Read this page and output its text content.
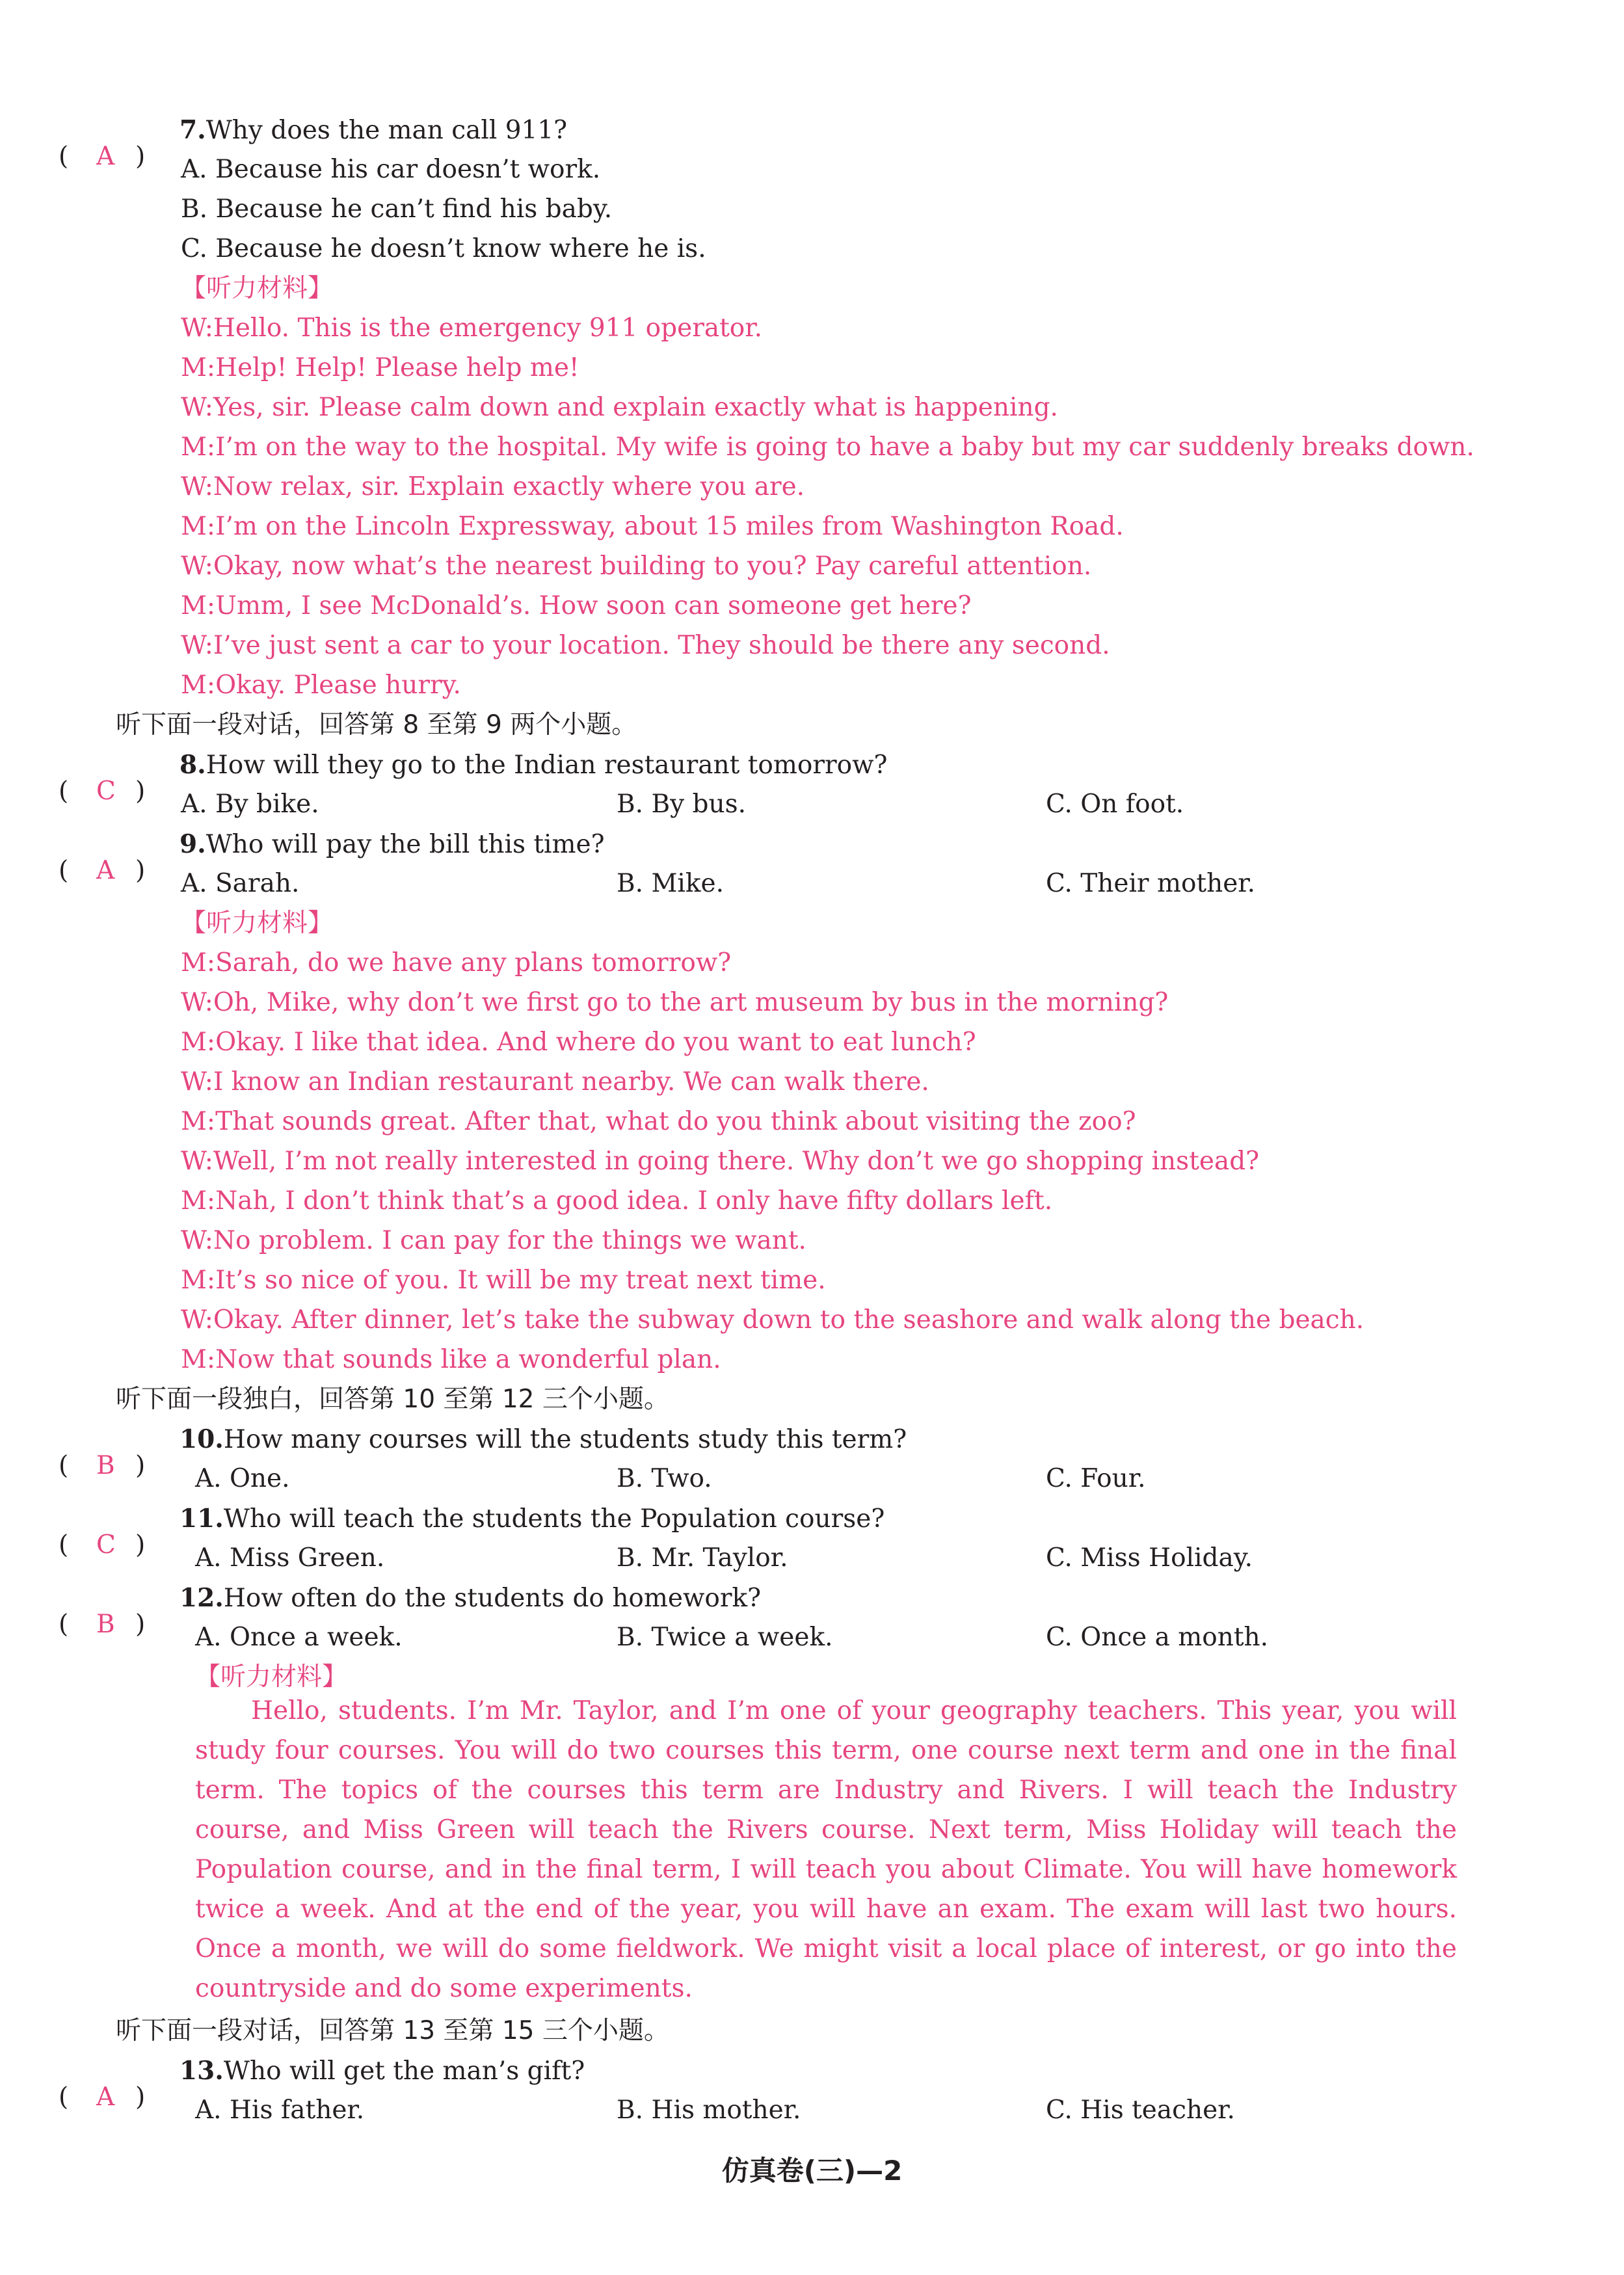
( A )
7.Why does the man call 911?
A. Because his car doesn’t work.
B. Because he can’t find his baby.
C. Because he doesn’t know where he is.
【听力材料】
W:Hello. This is the emergency 911 operator.
M:Help! Help! Please help me!
W:Yes, sir. Please calm down and explain exactly what is happening.
M:I’m on the way to the hospital. My wife is going to have a baby but my car suddenly breaks down.
W:Now relax, sir. Explain exactly where you are.
M:I’m on the Lincoln Expressway, about 15 miles from Washington Road.
W:Okay, now what’s the nearest building to you? Pay careful attention.
M:Umm, I see McDonald’s. How soon can someone get here?
W:I’ve just sent a car to your location. They should be there any second.
M:Okay. Please hurry.
听下面一段对话，回答第 8 至第 9 两个小题。
( C )
8.How will they go to the Indian restaurant tomorrow?
A. By bike.	B. By bus.	C. On foot.
( A )
9.Who will pay the bill this time?
A. Sarah.	B. Mike.	C. Their mother.
【听力材料】
M:Sarah, do we have any plans tomorrow?
W:Oh, Mike, why don’t we first go to the art museum by bus in the morning?
M:Okay. I like that idea. And where do you want to eat lunch?
W:I know an Indian restaurant nearby. We can walk there.
M:That sounds great. After that, what do you think about visiting the zoo?
W:Well, I’m not really interested in going there. Why don’t we go shopping instead?
M:Nah, I don’t think that’s a good idea. I only have fifty dollars left.
W:No problem. I can pay for the things we want.
M:It’s so nice of you. It will be my treat next time.
W:Okay. After dinner, let’s take the subway down to the seashore and walk along the beach.
M:Now that sounds like a wonderful plan.
听下面一段独白，回答第 10 至第 12 三个小题。
( B )
10.How many courses will the students study this term?
A. One.	B. Two.	C. Four.
( C )
11.Who will teach the students the Population course?
A. Miss Green.	B. Mr. Taylor.	C. Miss Holiday.
( B )
12.How often do the students do homework?
A. Once a week.	B. Twice a week.	C. Once a month.
【听力材料】
Hello, students. I’m Mr. Taylor, and I’m one of your geography teachers. This year, you will study four courses. You will do two courses this term, one course next term and one in the final term. The topics of the courses this term are Industry and Rivers. I will teach the Industry course, and Miss Green will teach the Rivers course. Next term, Miss Holiday will teach the Population course, and in the final term, I will teach you about Climate. You will have homework twice a week. And at the end of the year, you will have an exam. The exam will last two hours. Once a month, we will do some fieldwork. We might visit a local place of interest, or go into the countryside and do some experiments.
听下面一段对话，回答第 13 至第 15 三个小题。
( A )
13.Who will get the man’s gift?
A. His father.	B. His mother.	C. His teacher.
仿真卷(三)—2
